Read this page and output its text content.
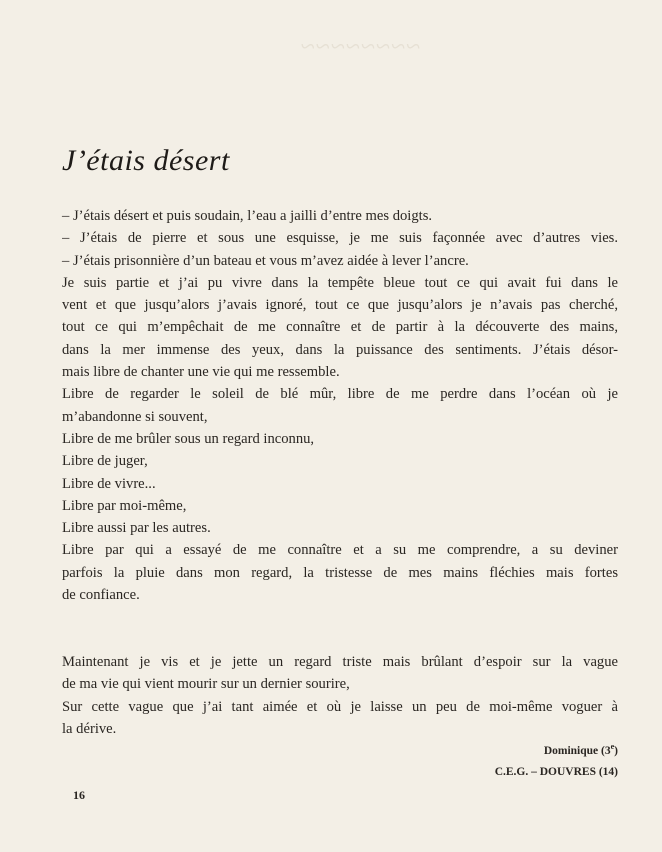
~~~~~~~~
J’étais désert
– J’étais désert et puis soudain, l’eau a jailli d’entre mes doigts.
– J’étais de pierre et sous une esquisse, je me suis façonnée avec d’autres vies.
– J’étais prisonnière d’un bateau et vous m’avez aidée à lever l’ancre.
Je suis partie et j’ai pu vivre dans la tempête bleue tout ce qui avait fui dans le
vent et que jusqu’alors j’avais ignoré, tout ce que jusqu’alors je n’avais pas cherché,
tout ce qui m’empêchait de me connaître et de partir à la découverte des mains,
dans la mer immense des yeux, dans la puissance des sentiments. J’étais désor-
mais libre de chanter une vie qui me ressemble.
Libre de regarder le soleil de blé mûr, libre de me perdre dans l’océan où je
m’abandonne si souvent,
Libre de me brûler sous un regard inconnu,
Libre de juger,
Libre de vivre...
Libre par moi-même,
Libre aussi par les autres.
Libre par qui a essayé de me connaître et a su me comprendre, a su deviner
parfois la pluie dans mon regard, la tristesse de mes mains fléchies mais fortes
de confiance.
Maintenant je vis et je jette un regard triste mais brûlant d’espoir sur la vague
de ma vie qui vient mourir sur un dernier sourire,
Sur cette vague que j’ai tant aimée et où je laisse un peu de moi-même voguer à
la dérive.
Dominique (3e)
C.E.G. – DOUVRES (14)
16
